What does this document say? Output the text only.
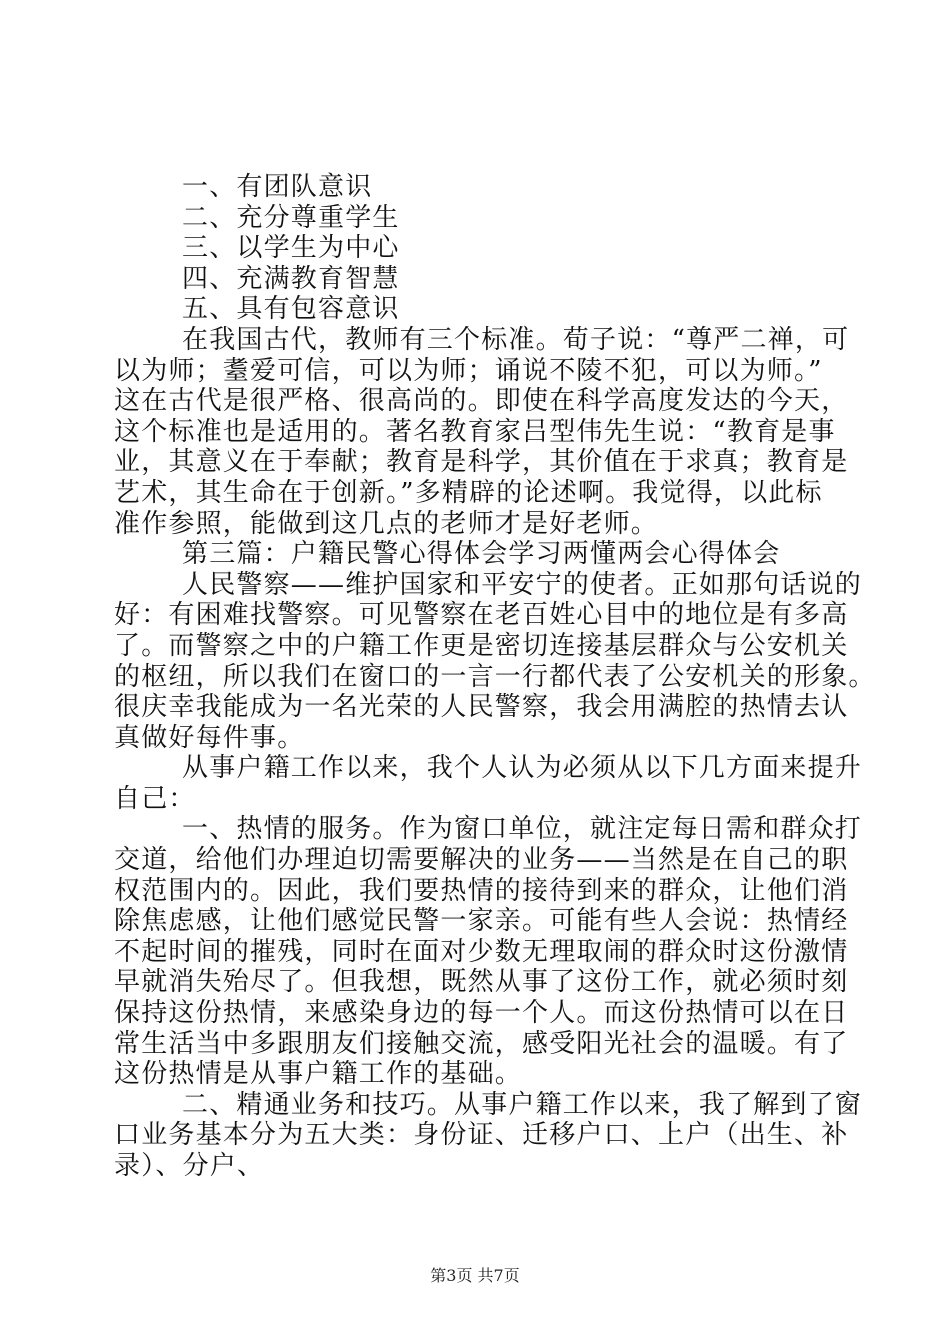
一、有团队意识
二、充分尊重学生
三、以学生为中心
四、充满教育智慧
五、具有包容意识
在我国古代，教师有三个标准。荀子说：“尊严二禅，可
以为师；耋爱可信，可以为师；诵说不陵不犯，可以为师。”
这在古代是很严格、很高尚的。即使在科学高度发达的今天，
这个标准也是适用的。著名教育家吕型伟先生说：“教育是事
业，其意义在于奉献；教育是科学，其价值在于求真；教育是
艺术，其生命在于创新。”多精辟的论述啊。我觉得，以此标
准作参照，能做到这几点的老师才是好老师。
第三篇：户籍民警心得体会学习两懂两会心得体会
人民警察——维护国家和平安宁的使者。正如那句话说的
好：有困难找警察。可见警察在老百姓心目中的地位是有多高
了。而警察之中的户籍工作更是密切连接基层群众与公安机关
的枢纽，所以我们在窗口的一言一行都代表了公安机关的形象。
很庆幸我能成为一名光荣的人民警察，我会用满腔的热情去认
真做好每件事。
从事户籍工作以来，我个人认为必须从以下几方面来提升
自己：
一、热情的服务。作为窗口单位，就注定每日需和群众打
交道，给他们办理迫切需要解决的业务——当然是在自己的职
权范围内的。因此，我们要热情的接待到来的群众，让他们消
除焦虑感，让他们感觉民警一家亲。可能有些人会说：热情经
不起时间的摧残，同时在面对少数无理取闹的群众时这份激情
早就消失殆尽了。但我想，既然从事了这份工作，就必须时刻
保持这份热情，来感染身边的每一个人。而这份热情可以在日
常生活当中多跟朋友们接触交流，感受阳光社会的温暖。有了
这份热情是从事户籍工作的基础。
二、精通业务和技巧。从事户籍工作以来，我了解到了窗
口业务基本分为五大类：身份证、迁移户口、上户（出生、补
录）、分户、
第3页 共7页
